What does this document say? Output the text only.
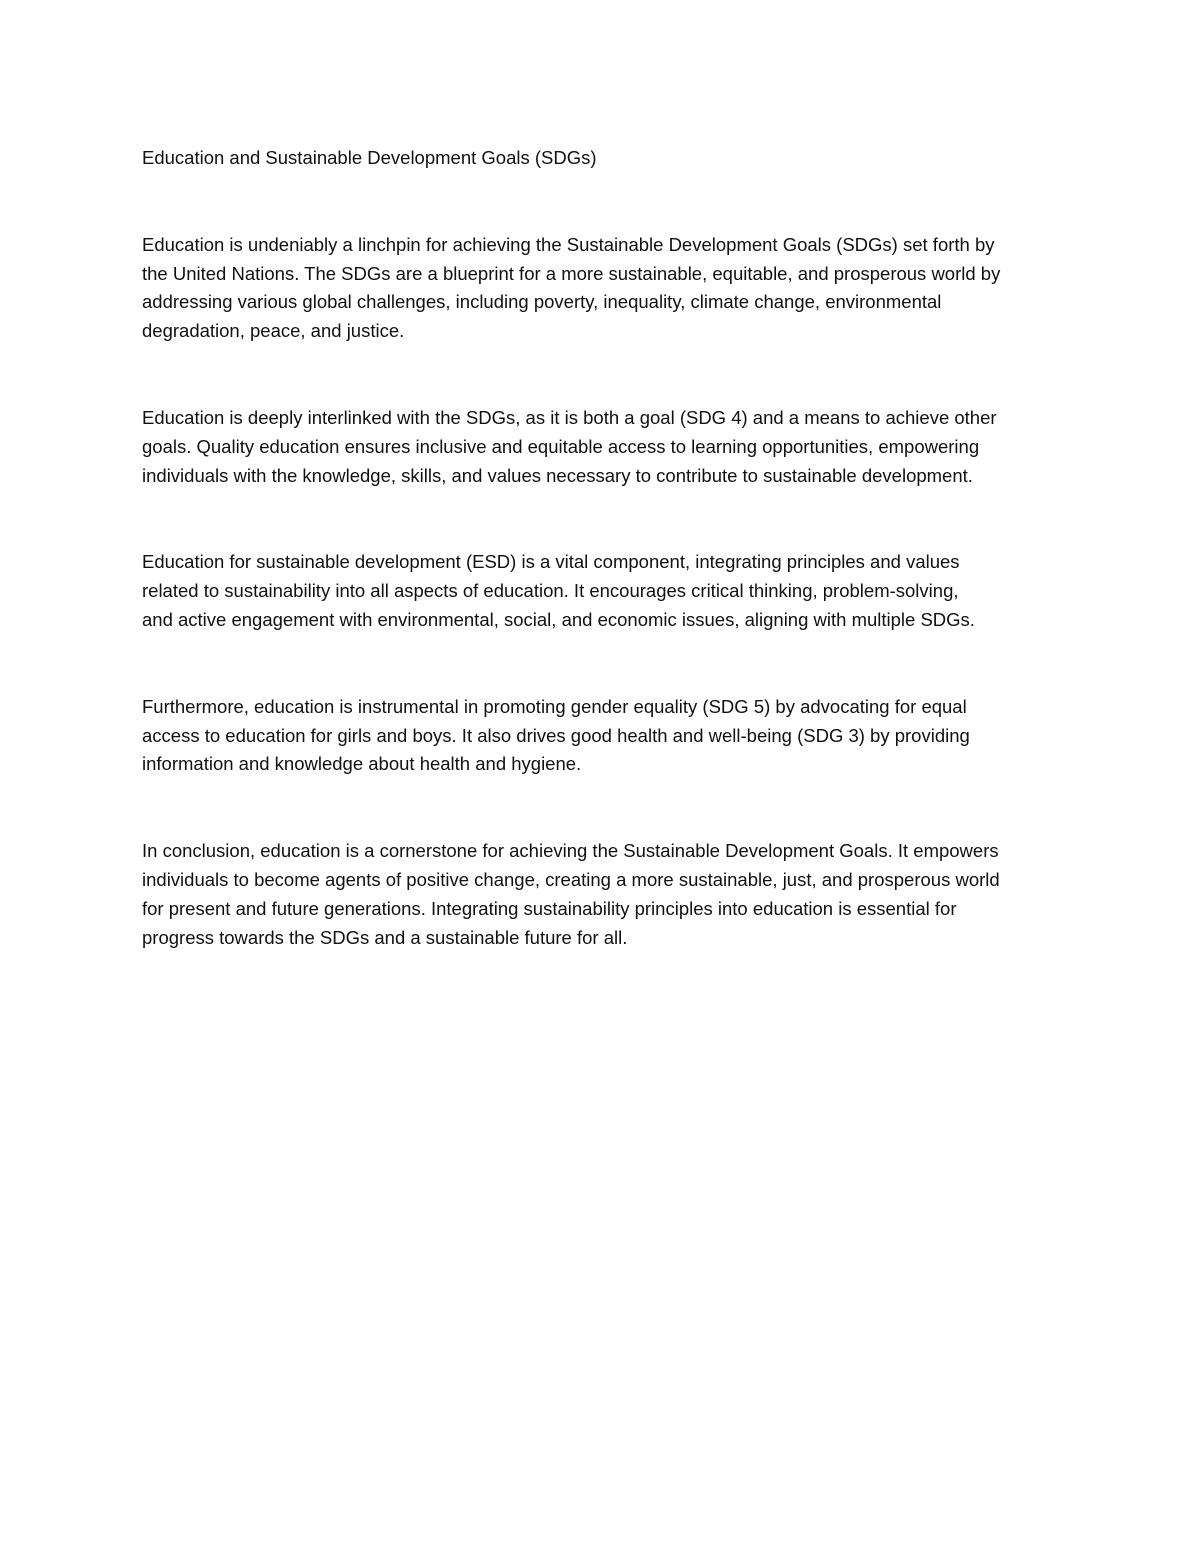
Education and Sustainable Development Goals (SDGs)

Education is undeniably a linchpin for achieving the Sustainable Development Goals (SDGs) set forth by
the United Nations. The SDGs are a blueprint for a more sustainable, equitable, and prosperous world by
addressing various global challenges, including poverty, inequality, climate change, environmental
degradation, peace, and justice.

Education is deeply interlinked with the SDGs, as it is both a goal (SDG 4) and a means to achieve other
goals. Quality education ensures inclusive and equitable access to learning opportunities, empowering
individuals with the knowledge, skills, and values necessary to contribute to sustainable development.

Education for sustainable development (ESD) is a vital component, integrating principles and values
related to sustainability into all aspects of education. It encourages critical thinking, problem-solving,
and active engagement with environmental, social, and economic issues, aligning with multiple SDGs.

Furthermore, education is instrumental in promoting gender equality (SDG 5) by advocating for equal
access to education for girls and boys. It also drives good health and well-being (SDG 3) by providing
information and knowledge about health and hygiene.

In conclusion, education is a cornerstone for achieving the Sustainable Development Goals. It empowers
individuals to become agents of positive change, creating a more sustainable, just, and prosperous world
for present and future generations. Integrating sustainability principles into education is essential for
progress towards the SDGs and a sustainable future for all.
